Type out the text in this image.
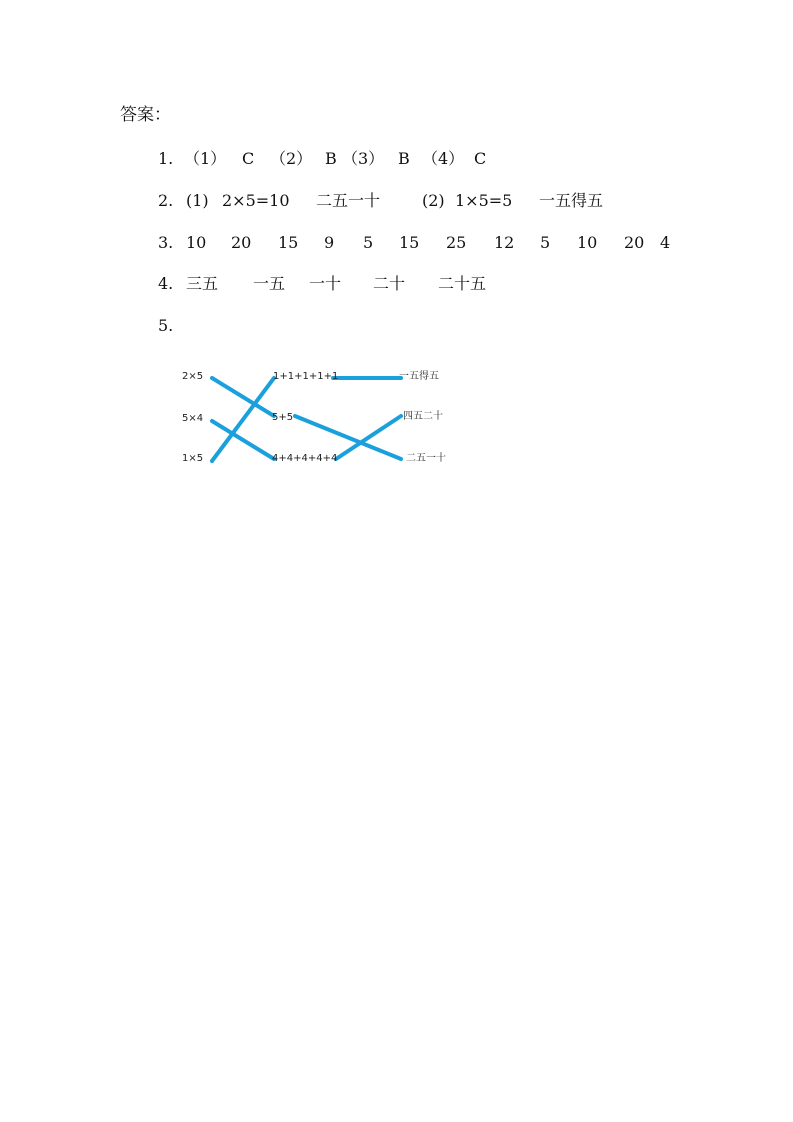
答案：
1. （1） C （2） B （3） B （4） C
2. (1) 2×5=10 二五一十	(2) 1×5=5 一五得五
3. 10 20 15 9 5 15 25 12 5 10 20 4
4. 三五 一五 一十 二十 二十五
5.
2×5
5×4
1×5
1+1+1+1+1
5+5
4+4+4+4+4
一五得五
四五二十
二五一十
